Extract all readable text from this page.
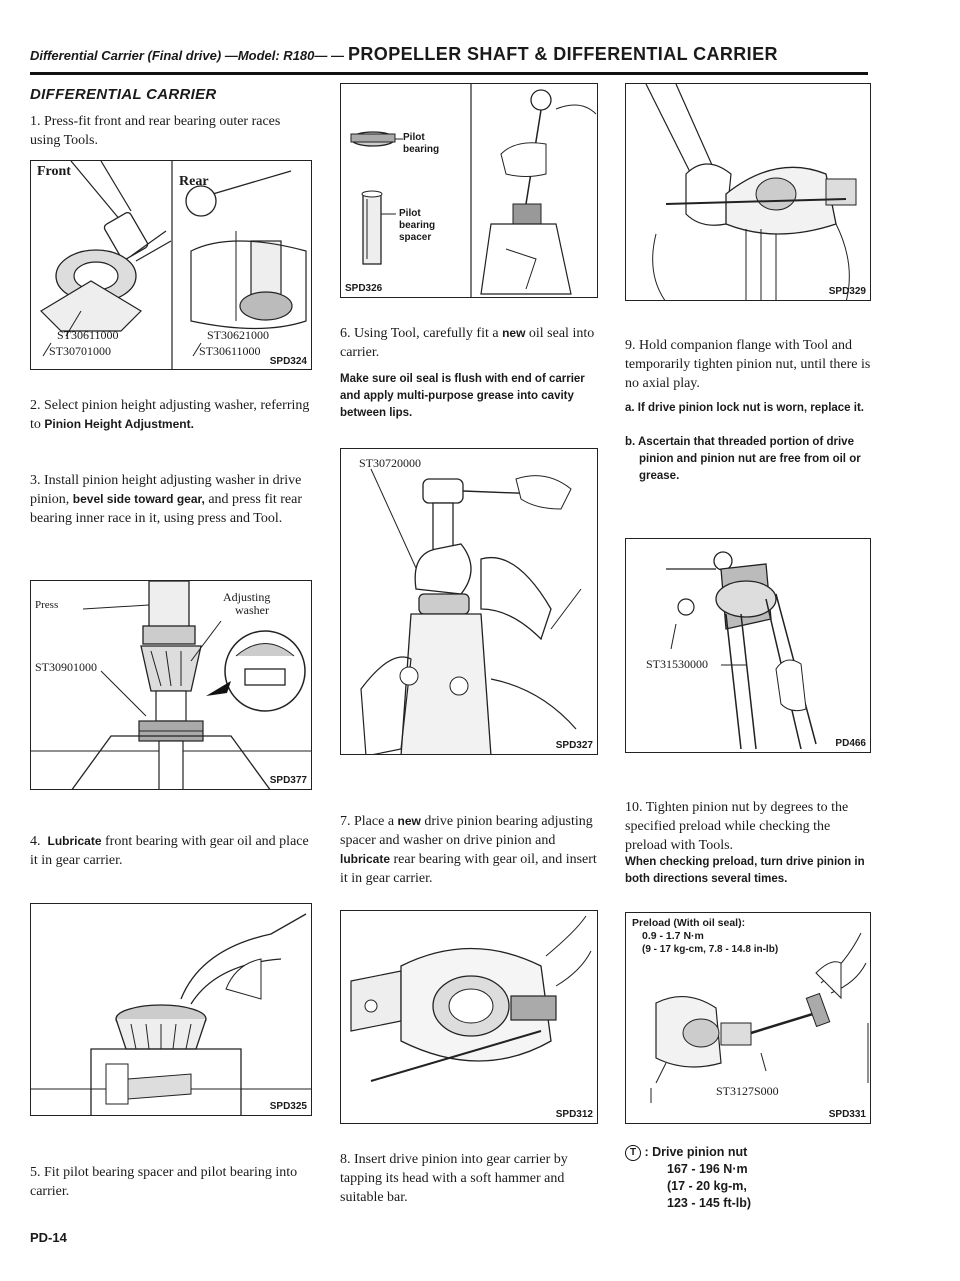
Differential Carrier (Final drive) —Model: R180— — PROPELLER SHAFT & DIFFERENTIAL CARRIER
DIFFERENTIAL CARRIER

1. Press-fit front and rear bearing outer races using Tools.

Front
Rear
ST30611000
ST30701000
ST30621000
ST30611000
SPD324

2. Select pinion height adjusting washer, referring to Pinion Height Adjustment.

3. Install pinion height adjusting washer in drive pinion, bevel side toward gear, and press fit rear bearing inner race in it, using press and Tool.

Press
Adjusting
washer
ST30901000
SPD377

4.  Lubricate front bearing with gear oil and place it in gear carrier.

SPD325

5. Fit pilot bearing spacer and pilot bearing into carrier.

PD-14
Pilot
bearing
Pilot
bearing
spacer
SPD326

6. Using Tool, carefully fit a new oil seal into carrier.

Make sure oil seal is flush with end of carrier and apply multi-purpose grease into cavity between lips.

ST30720000
SPD327

7. Place a new drive pinion bearing adjusting spacer and washer on drive pinion and lubricate rear bearing with gear oil, and insert it in gear carrier.

SPD312

8. Insert drive pinion into gear carrier by tapping its head with a soft hammer and suitable bar.

SPD329

9. Hold companion flange with Tool and temporarily tighten pinion nut, until there is no axial play.

a. If drive pinion lock nut is worn, replace it.

b. Ascertain that threaded portion of drive pinion and pinion nut are free from oil or grease.

ST31530000
PD466

10. Tighten pinion nut by degrees to the specified preload while checking the preload with Tools.

When checking preload, turn drive pinion in both directions several times.

Preload (With oil seal):
0.9 - 1.7 N·m
(9 - 17 kg-cm, 7.8 - 14.8 in-lb)
ST3127S000
SPD331
T : Drive pinion nut
167 - 196 N·m
(17 - 20 kg-m,
123 - 145 ft-lb)
